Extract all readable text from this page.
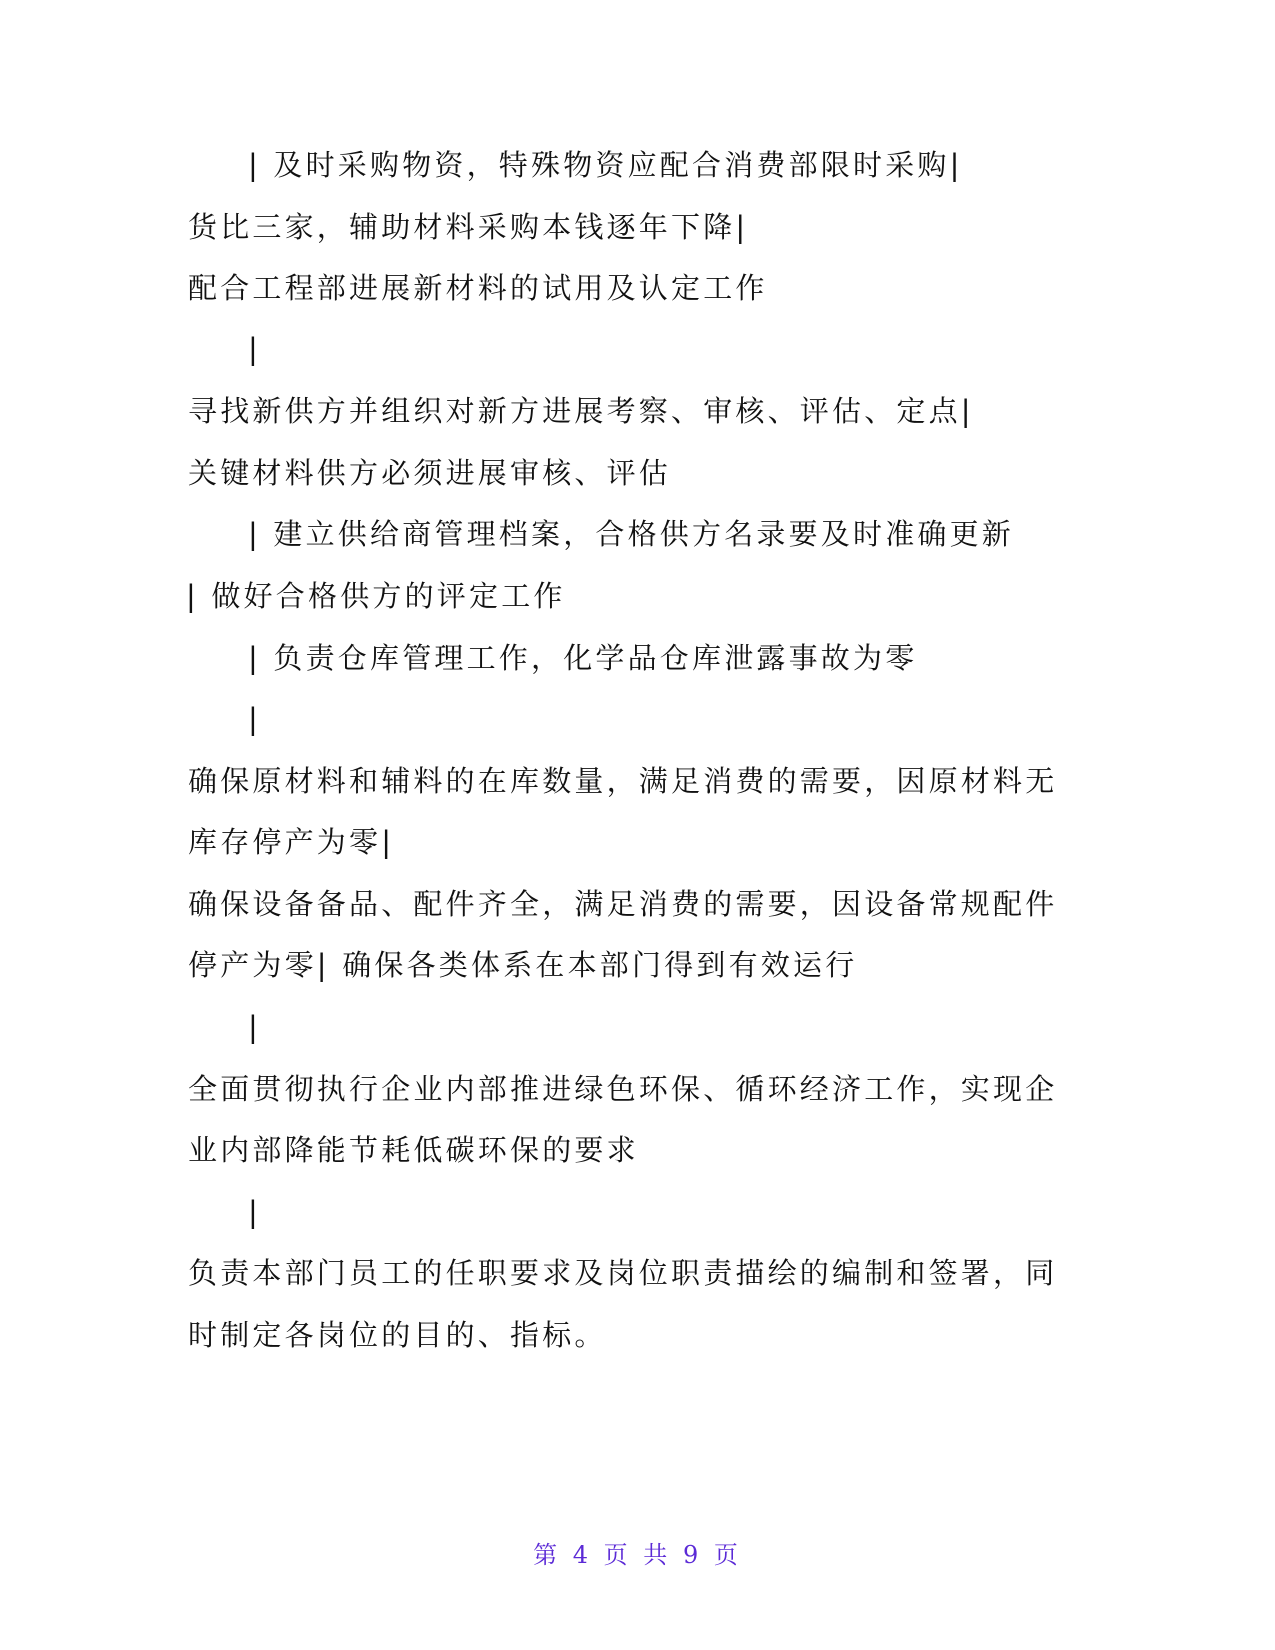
| 及时采购物资，特殊物资应配合消费部限时采购|
货比三家，辅助材料采购本钱逐年下降|
配合工程部进展新材料的试用及认定工作
|
寻找新供方并组织对新方进展考察、审核、评估、定点|
关键材料供方必须进展审核、评估
| 建立供给商管理档案，合格供方名录要及时准确更新
| 做好合格供方的评定工作
| 负责仓库管理工作，化学品仓库泄露事故为零
|
确保原材料和辅料的在库数量，满足消费的需要，因原材料无
库存停产为零|
确保设备备品、配件齐全，满足消费的需要，因设备常规配件
停产为零| 确保各类体系在本部门得到有效运行
|
全面贯彻执行企业内部推进绿色环保、循环经济工作，实现企
业内部降能节耗低碳环保的要求
|
负责本部门员工的任职要求及岗位职责描绘的编制和签署，同
时制定各岗位的目的、指标。
第 4 页 共 9 页
